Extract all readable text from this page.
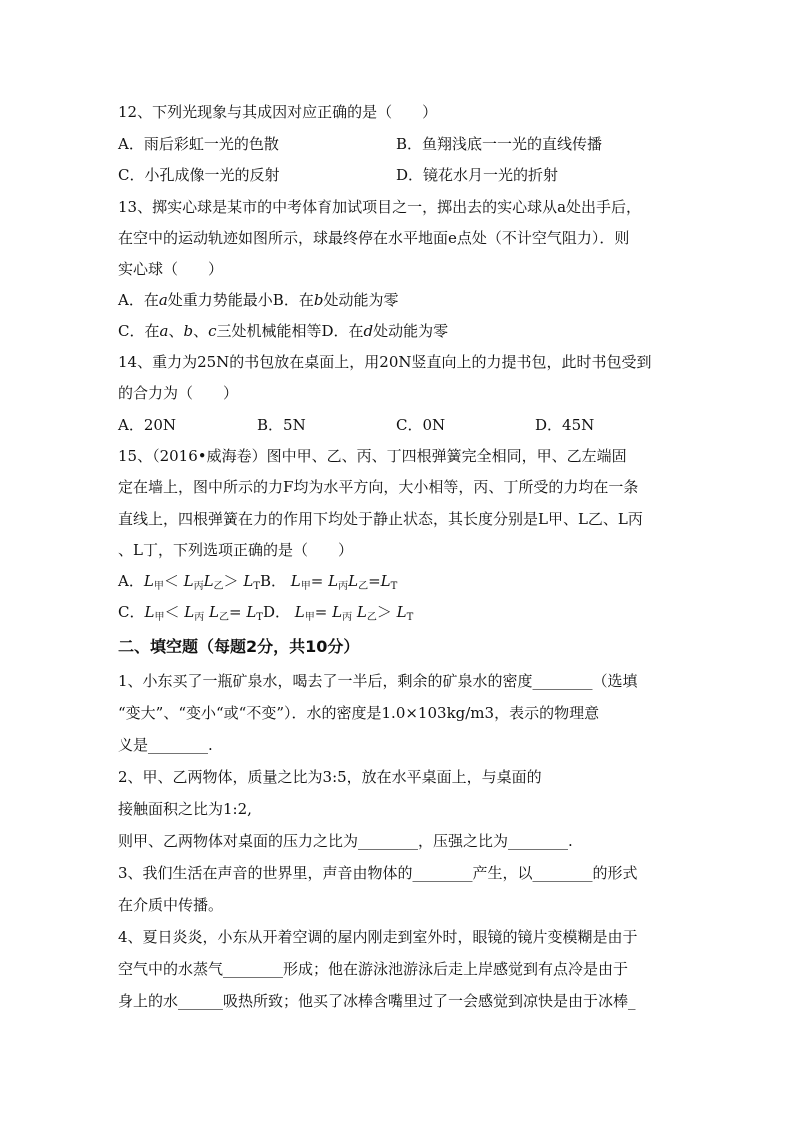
12、下列光现象与其成因对应正确的是（　　）
A．雨后彩虹一光的色散	B．鱼翔浅底一一光的直线传播
C．小孔成像一光的反射	D．镜花水月一光的折射
13、掷实心球是某市的中考体育加试项目之一，掷出去的实心球从a处出手后，
在空中的运动轨迹如图所示，球最终停在水平地面e点处（不计空气阻力）．则
实心球（　　）
A．在a处重力势能最小B．在b处动能为零
C．在a、b、c三处机械能相等D．在d处动能为零
14、重力为25N的书包放在桌面上，用20N竖直向上的力提书包，此时书包受到
的合力为（　　）
A．20N	B．5N	C．0N	D．45N
15、（2016•威海卷）图中甲、乙、丙、丁四根弹簧完全相同，甲、乙左端固
定在墙上，图中所示的力F均为水平方向，大小相等，丙、丁所受的力均在一条
直线上，四根弹簧在力的作用下均处于静止状态，其长度分别是L甲、L乙、L丙
、L丁，下列选项正确的是（　　）
A．$L_甲< L_丙L_乙> L_TB$． $L_甲= L_丙L_乙=L_T$
C．$L_甲< L_丙$ $L_乙= L_TD$． $L_甲= L_丙$ $L_乙> L_T$
二、填空题（每题2分，共10分）
1、小东买了一瓶矿泉水，喝去了一半后，剩余的矿泉水的密度________（选填
“变大”、“变小“或“不变”）．水的密度是1.0×103kg/m3，表示的物理意
义是________.
2、甲、乙两物体，质量之比为3:5，放在水平桌面上，与桌面的
接触面积之比为1:2,
则甲、乙两物体对桌面的压力之比为________，压强之比为________.
3、我们生活在声音的世界里，声音由物体的________产生，以________的形式
在介质中传播。
4、夏日炎炎，小东从开着空调的屋内刚走到室外时，眼镜的镜片变模糊是由于
空气中的水蒸气________形成；他在游泳池游泳后走上岸感觉到有点冷是由于
身上的水______吸热所致；他买了冰棒含嘴里过了一会感觉到凉快是由于冰棒_
